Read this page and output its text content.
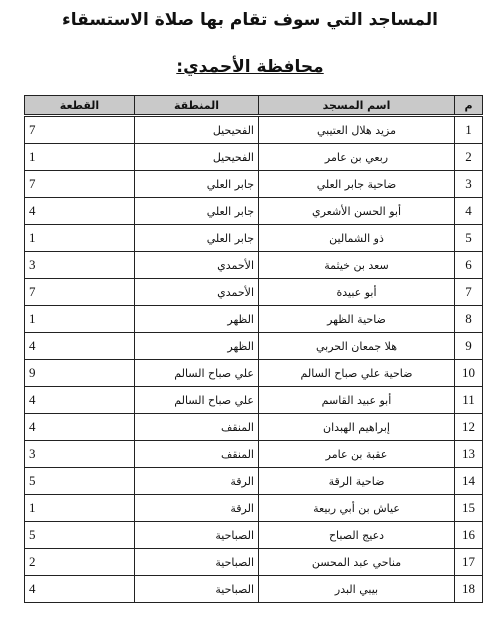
المساجد التي سوف تقام بها صلاة الاستسقاء
محافظة الأحمدي:
م	اسم المسجد	المنطقة	القطعة
1	مزيد هلال العتيبي	الفحيحيل	7
2	ربعي بن عامر	الفحيحيل	1
3	ضاحية جابر العلي	جابر العلي	7
4	أبو الحسن الأشعري	جابر العلي	4
5	ذو الشمالين	جابر العلي	1
6	سعد بن خيثمة	الأحمدي	3
7	أبو عبيدة	الأحمدي	7
8	ضاحية الظهر	الظهر	1
9	هلا جمعان الحربي	الظهر	4
10	ضاحية علي صباح السالم	علي صباح السالم	9
11	أبو عبيد القاسم	علي صباح السالم	4
12	إبراهيم الهبدان	المنقف	4
13	عقبة بن عامر	المنقف	3
14	ضاحية الرقة	الرقة	5
15	عياش بن أبي ربيعة	الرقة	1
16	دعيج الصباح	الصباحية	5
17	مناحي عبد المحسن	الصباحية	2
18	بيبي البدر	الصباحية	4
